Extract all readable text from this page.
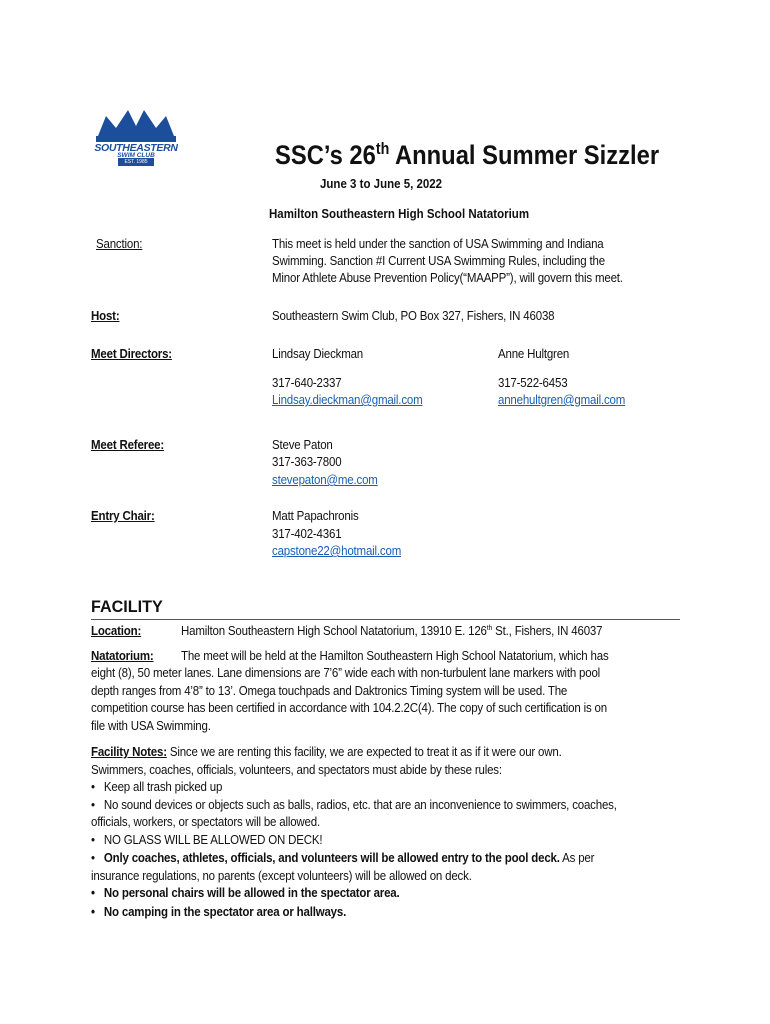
SOUTHEASTERN
SWIM CLUB
EST. 1985	SSC’s 26th Annual Summer Sizzler
June 3 to June 5, 2022
Hamilton Southeastern High School Natatorium
Sanction:	This meet is held under the sanction of USA Swimming and Indiana
Swimming. Sanction #I Current USA Swimming Rules, including the
Minor Athlete Abuse Prevention Policy(“MAAPP”), will govern this meet.
Host:	Southeastern Swim Club, PO Box 327, Fishers, IN 46038
Meet Directors:	Lindsay Dieckman	Anne Hultgren
317-640-2337	317-522-6453
Lindsay.dieckman@gmail.com	annehultgren@gmail.com
Meet Referee:	Steve Paton
317-363-7800
stevepaton@me.com
Entry Chair:	Matt Papachronis
317-402-4361
capstone22@hotmail.com
FACILITY
Location:	Hamilton Southeastern High School Natatorium, 13910 E. 126th St., Fishers, IN 46037
Natatorium: The meet will be held at the Hamilton Southeastern High School Natatorium, which has
eight (8), 50 meter lanes. Lane dimensions are 7’6” wide each with non-turbulent lane markers with pool
depth ranges from 4’8” to 13’. Omega touchpads and Daktronics Timing system will be used. The
competition course has been certified in accordance with 104.2.2C(4). The copy of such certification is on
file with USA Swimming.
Facility Notes: Since we are renting this facility, we are expected to treat it as if it were our own.
Swimmers, coaches, officials, volunteers, and spectators must abide by these rules:
• Keep all trash picked up
• No sound devices or objects such as balls, radios, etc. that are an inconvenience to swimmers, coaches,
officials, workers, or spectators will be allowed.
• NO GLASS WILL BE ALLOWED ON DECK!
• Only coaches, athletes, officials, and volunteers will be allowed entry to the pool deck. As per
insurance regulations, no parents (except volunteers) will be allowed on deck.
• No personal chairs will be allowed in the spectator area.
• No camping in the spectator area or hallways.
